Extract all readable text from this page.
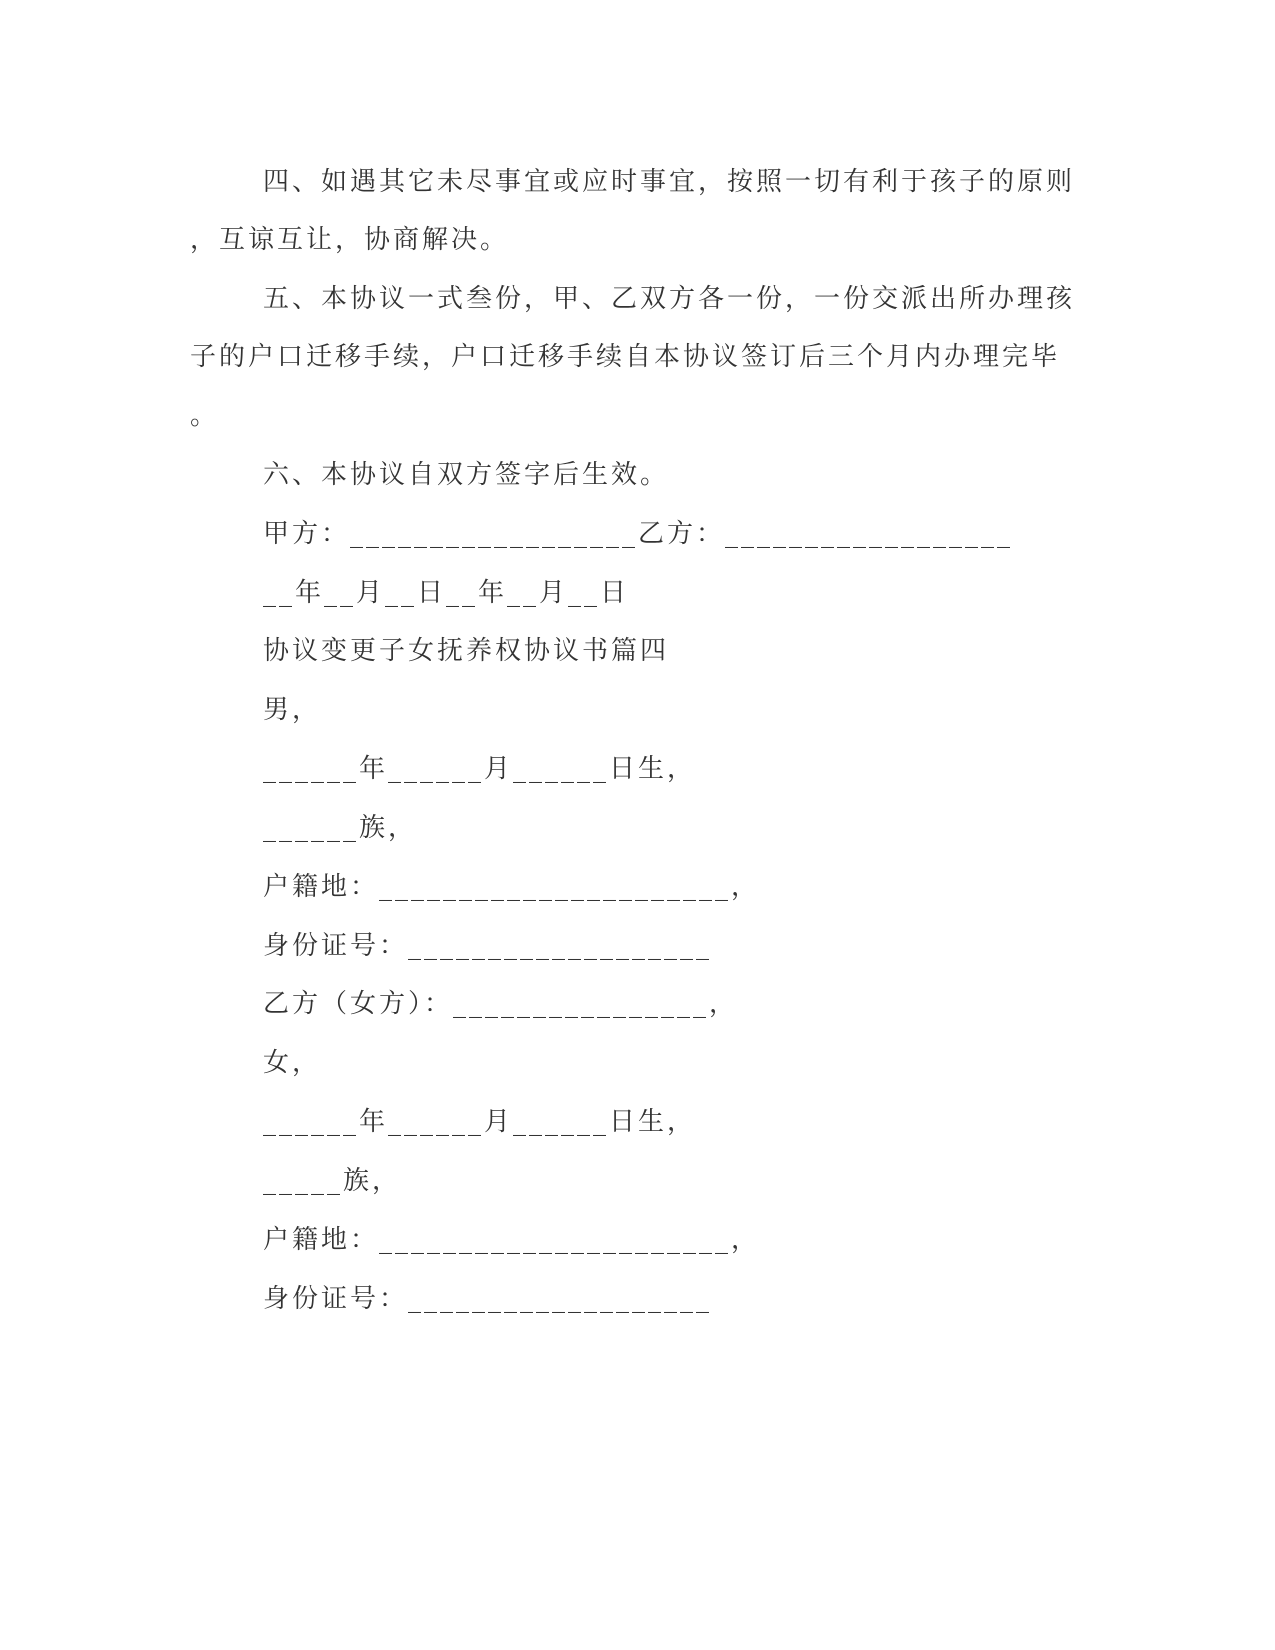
四、如遇其它未尽事宜或应时事宜，按照一切有利于孩子的原则
，互谅互让，协商解决。
五、本协议一式叁份，甲、乙双方各一份，一份交派出所办理孩
子的户口迁移手续，户口迁移手续自本协议签订后三个月内办理完毕
。
六、本协议自双方签字后生效。
甲方：__________________乙方：__________________
__年__月__日__年__月__日
协议变更子女抚养权协议书篇四
男，
______年______月______日生，
______族，
户籍地：______________________，
身份证号：___________________
乙方（女方）：________________，
女，
______年______月______日生，
_____族，
户籍地：______________________，
身份证号：___________________
